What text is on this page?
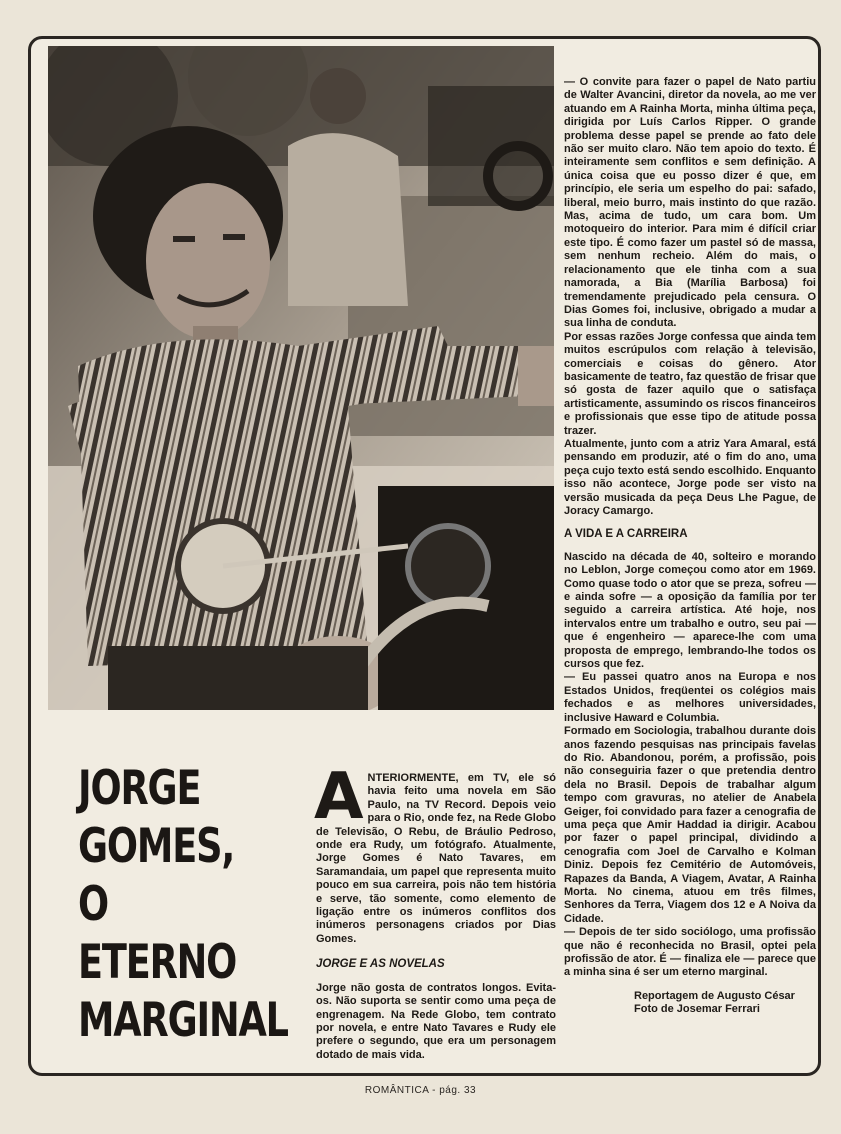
JORGE
GOMES,
O ETERNO
MARGINAL

ANTERIORMENTE, em TV, ele só havia feito uma novela em São Paulo, na TV Record. Depois veio para o Rio, onde fez, na Rede Globo de Televisão, O Rebu, de Bráulio Pedroso, onde era Rudy, um fotógrafo. Atualmente, Jorge Gomes é Nato Tavares, em Saramandaia, um papel que representa muito pouco em sua carreira, pois não tem história e serve, tão somente, como elemento de ligação entre os inúmeros conflitos dos inúmeros personagens criados por Dias Gomes.

JORGE E AS NOVELAS

Jorge não gosta de contratos longos. Evita-os. Não suporta se sentir como uma peça de engrenagem. Na Rede Globo, tem contrato por novela, e entre Nato Tavares e Rudy ele prefere o segundo, que era um personagem dotado de mais vida.

— O convite para fazer o papel de Nato partiu de Walter Avancini, diretor da novela, ao me ver atuando em A Rainha Morta, minha última peça, dirigida por Luís Carlos Ripper. O grande problema desse papel se prende ao fato dele não ser muito claro. Não tem apoio do texto. É inteiramente sem conflitos e sem definição. A única coisa que eu posso dizer é que, em princípio, ele seria um espelho do pai: safado, liberal, meio burro, mais instinto do que razão. Mas, acima de tudo, um cara bom. Um motoqueiro do interior. Para mim é difícil criar este tipo. É como fazer um pastel só de massa, sem nenhum recheio. Além do mais, o relacionamento que ele tinha com a sua namorada, a Bia (Marília Barbosa) foi tremendamente prejudicado pela censura. O Dias Gomes foi, inclusive, obrigado a mudar a sua linha de conduta.

Por essas razões Jorge confessa que ainda tem muitos escrúpulos com relação à televisão, comerciais e coisas do gênero. Ator basicamente de teatro, faz questão de frisar que só gosta de fazer aquilo que o satisfaça artisticamente, assumindo os riscos financeiros e profissionais que esse tipo de atitude possa trazer.

Atualmente, junto com a atriz Yara Amaral, está pensando em produzir, até o fim do ano, uma peça cujo texto está sendo escolhido. Enquanto isso não acontece, Jorge pode ser visto na versão musicada da peça Deus Lhe Pague, de Joracy Camargo.

A VIDA E A CARREIRA

Nascido na década de 40, solteiro e morando no Leblon, Jorge começou como ator em 1969. Como quase todo o ator que se preza, sofreu — e ainda sofre — a oposição da família por ter seguido a carreira artística. Até hoje, nos intervalos entre um trabalho e outro, seu pai — que é engenheiro — aparece-lhe com uma proposta de emprego, lembrando-lhe todos os cursos que fez.

— Eu passei quatro anos na Europa e nos Estados Unidos, freqüentei os colégios mais fechados e as melhores universidades, inclusive Haward e Columbia.

Formado em Sociologia, trabalhou durante dois anos fazendo pesquisas nas principais favelas do Rio. Abandonou, porém, a profissão, pois não conseguiria fazer o que pretendia dentro dela no Brasil. Depois de trabalhar algum tempo com gravuras, no atelier de Anabela Geiger, foi convidado para fazer a cenografia de uma peça que Amir Haddad ia dirigir. Acabou por fazer o papel principal, dividindo a cenografia com Joel de Carvalho e Kolman Diniz. Depois fez Cemitério de Automóveis, Rapazes da Banda, A Viagem, Avatar, A Rainha Morta. No cinema, atuou em três filmes, Senhores da Terra, Viagem dos 12 e A Noiva da Cidade.

— Depois de ter sido sociólogo, uma profissão que não é reconhecida no Brasil, optei pela profissão de ator. É — finaliza ele — parece que a minha sina é ser um eterno marginal.

Reportagem de Augusto César

Foto de Josemar Ferrari

ROMÂNTICA - pág. 33
